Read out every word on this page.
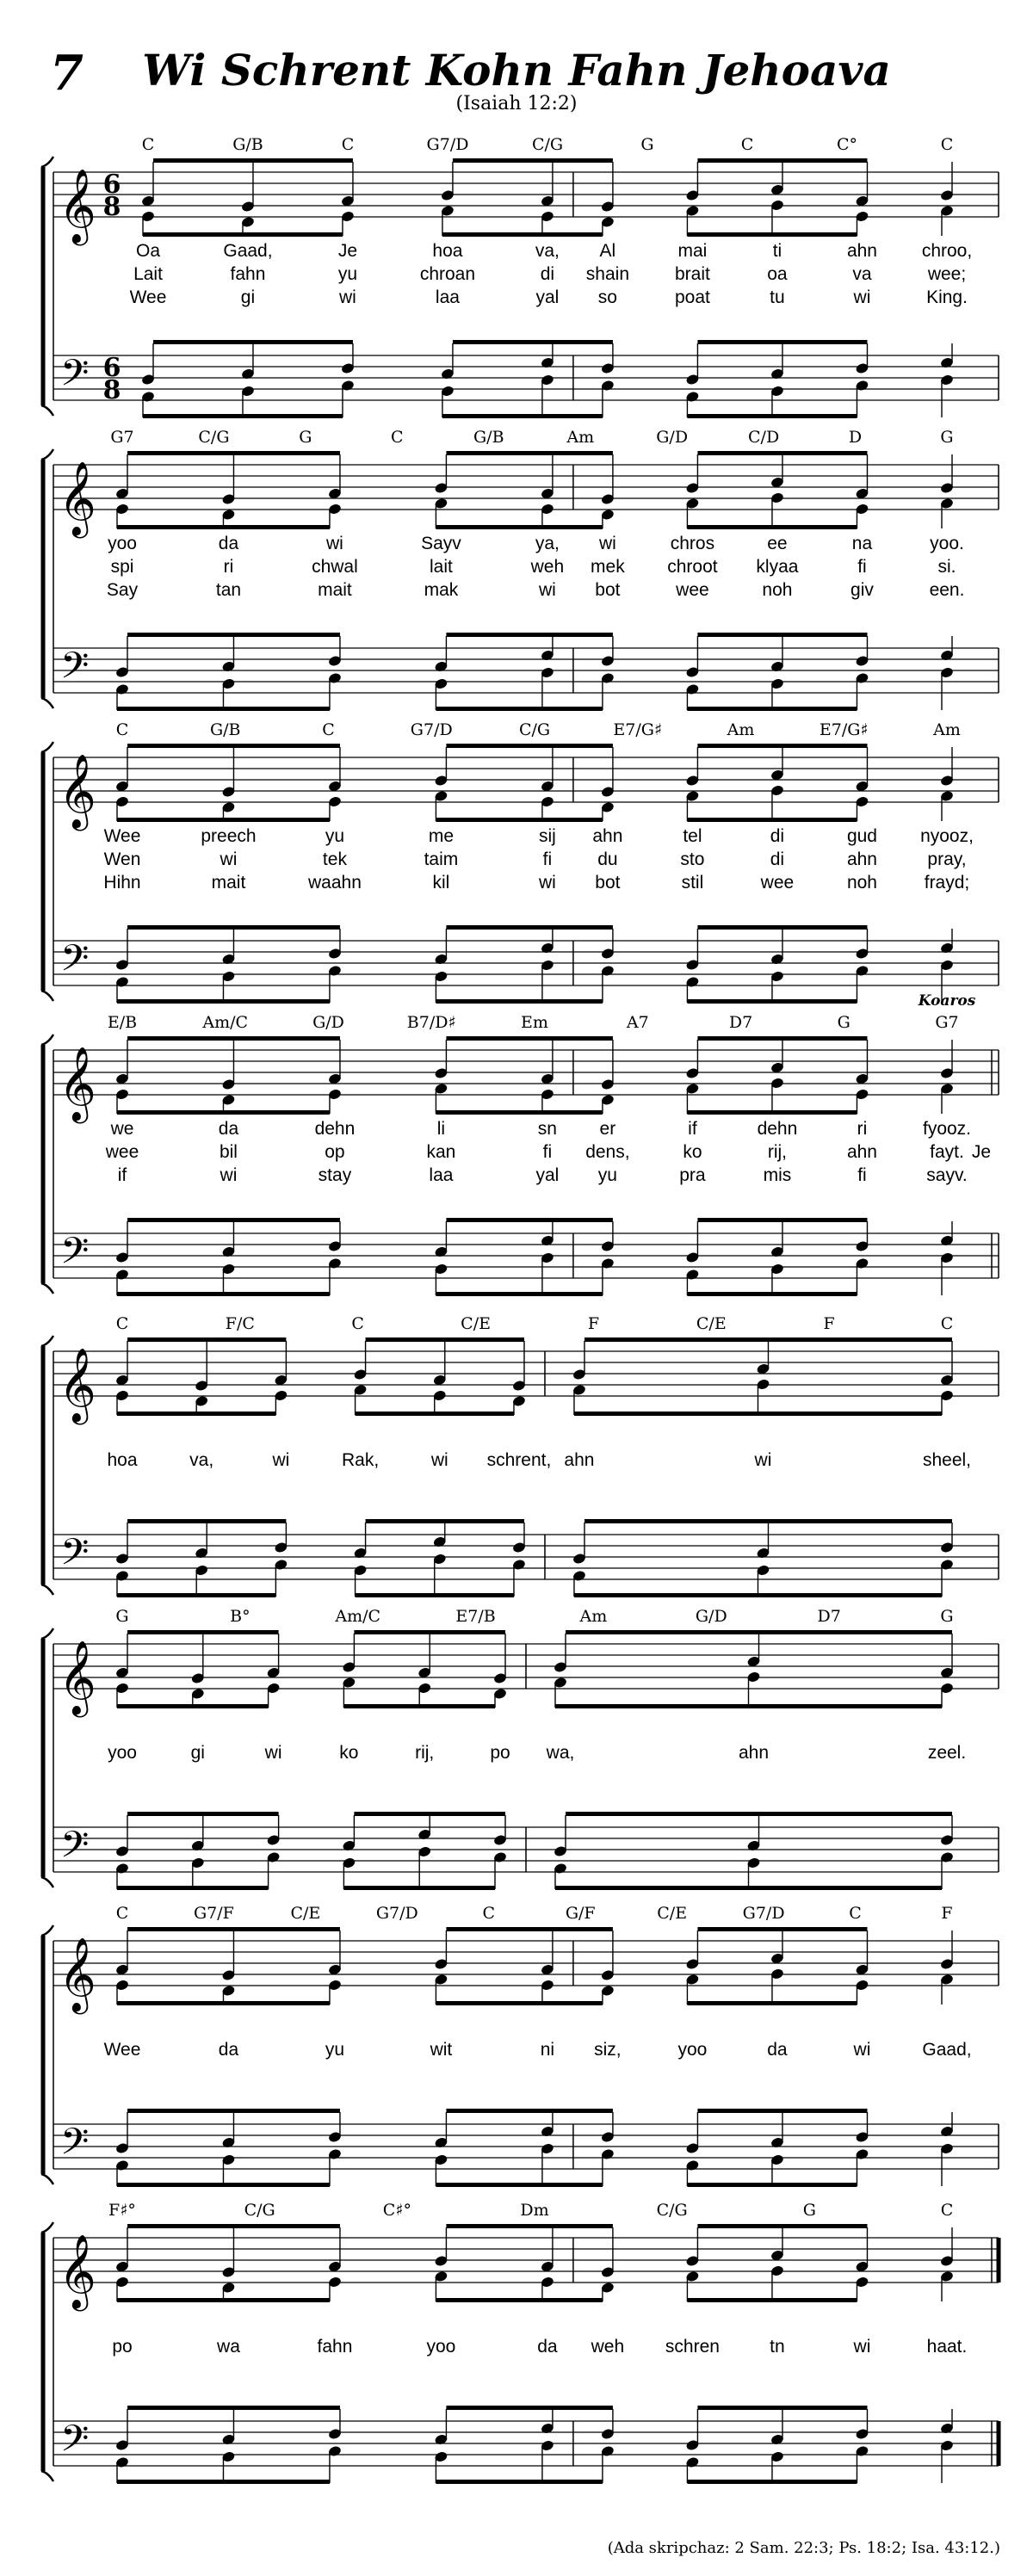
7	Wi Schrent Kohn Fahn Jehoava
(Isaiah 12:2)
𝄞
𝄢
6
8
6
8
C	G/B	C	G7/D	C/G	G	C	C°	C
Oa	Gaad,	Je	hoa	va, Al	mai	ti	ahn chroo,
Lait	fahn	yu	chroan	di shain	brait	oa	va	wee;
Wee	gi	wi	laa	yal so	poat	tu	wi	King.
𝄞
𝄢
G7	C/G	G	C	G/B	Am	G/D	C/D	D	G
yoo	da	wi	Sayv	ya, wi	chros	ee	na	yoo.
spi	ri	chwal	lait	weh mek chroot klyaa	fi	si.
Say	tan	mait	mak	wi bot	wee	noh	giv	een.
𝄞
𝄢
C	G/B	C	G7/D	C/G	E7/G♯	Am	E7/G♯	Am
Wee	preech	yu	me	sij ahn	tel	di	gud nyooz,
Wen	wi	tek	taim	fi	du	sto	di	ahn	pray,
Hihn	mait	waahn	kil	wi bot	stil	wee	noh	frayd;
𝄞
𝄢
E/B	Am/C	G/D	B7/D♯	Em	A7	D7	G	G7
Koaros
we	da	dehn	li	sn er	if	dehn	ri	fyooz.
wee	bil	op	kan	fi dens,	ko	rij,	ahn	fayt. Je
if	wi	stay	laa	yal yu	pra	mis	fi	sayv.
𝄞
𝄢
C	F/C	C	C/E	F	C/E	F	C
hoa	va,	wi	Rak,	wi schrent, ahn	wi	sheel,
𝄞
𝄢
G	B°	Am/C	E7/B	Am	G/D	D7	G
yoo	gi	wi	ko	rij,	po wa,	ahn	zeel.
𝄞
𝄢
C	G7/F	C/E	G7/D	C	G/F	C/E	G7/D	C	F
Wee	da	yu	wit	ni siz,	yoo	da	wi	Gaad,
𝄞
𝄢
F♯°	C/G	C♯°	Dm	C/G	G	C
po	wa	fahn	yoo	da weh schren	tn	wi	haat.
(Ada skripchaz: 2 Sam. 22:3; Ps. 18:2; Isa. 43:12.)
